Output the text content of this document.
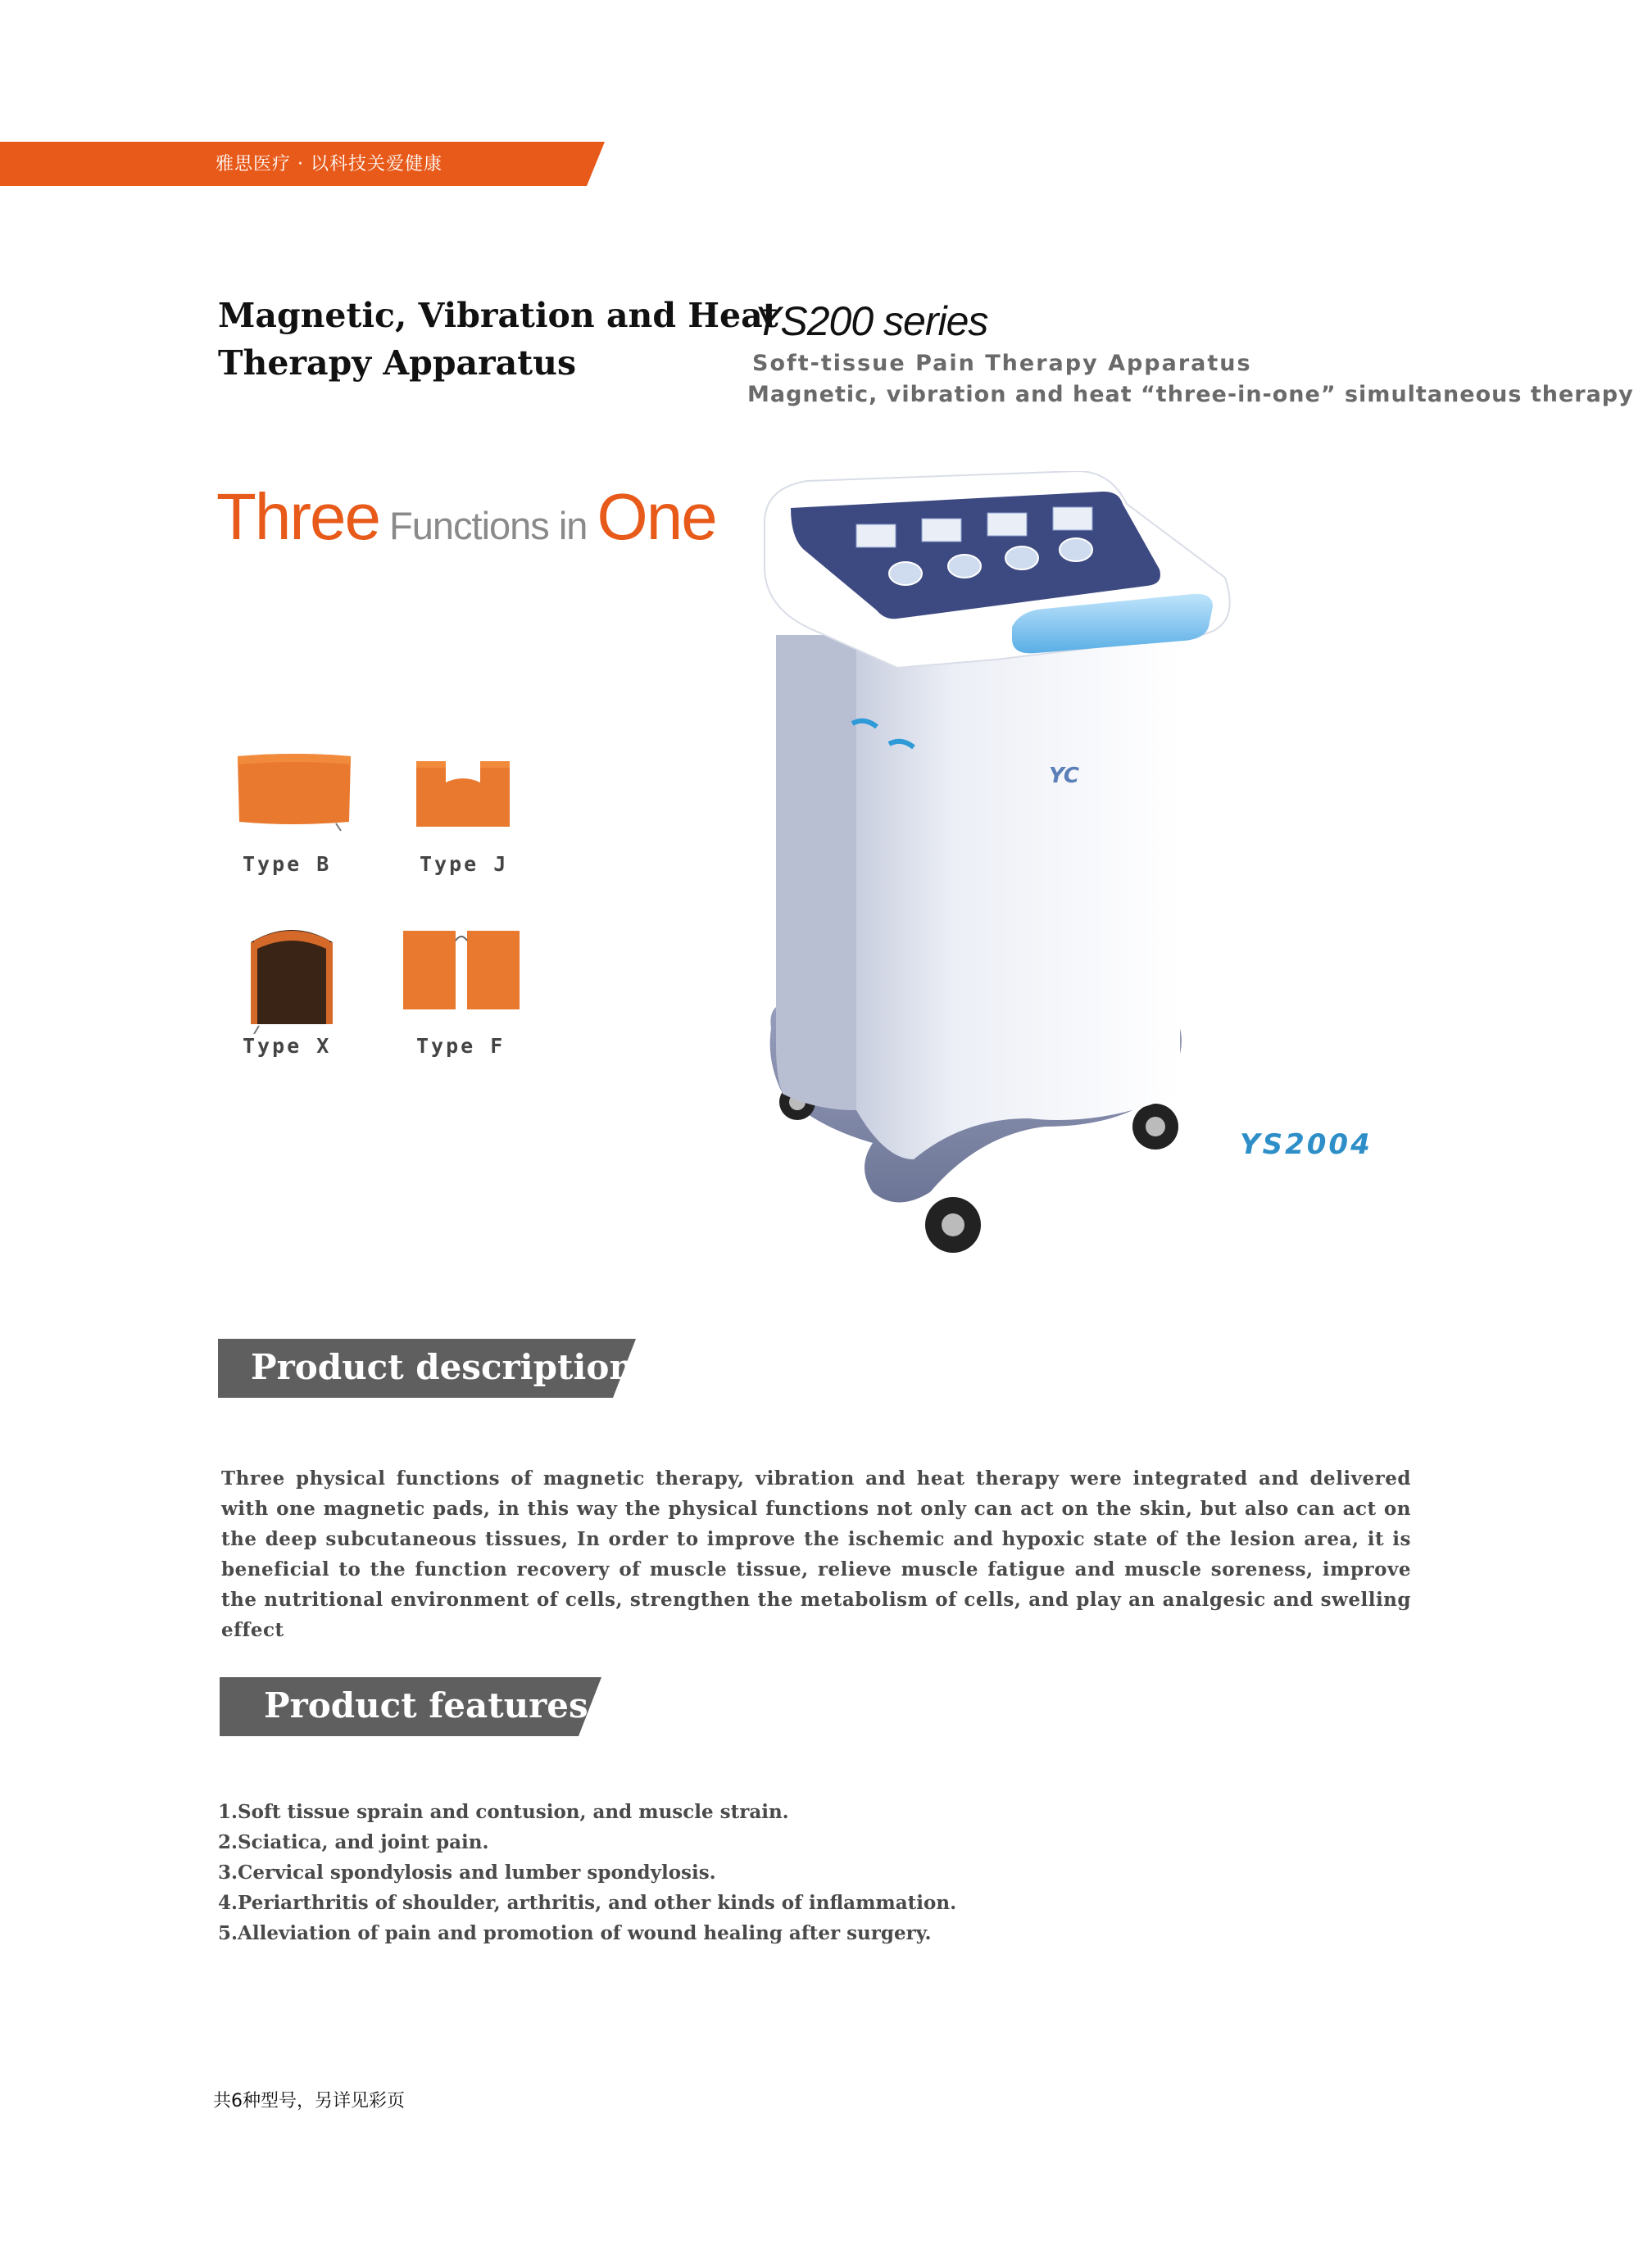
雅思医疗 · 以科技关爱健康
Magnetic, Vibration and Heat
Therapy Apparatus
YS200 series
Soft-tissue Pain Therapy Apparatus
Magnetic, vibration and heat “three-in-one” simultaneous therapy
Three Functions in One
Type B	Type J
Type X	Type F
YC
YS2004
Product description
Three physical functions of magnetic therapy, vibration and heat therapy were integrated and delivered with one magnetic pads, in this way the physical functions not only can act on the skin, but also can act on the deep subcutaneous tissues, In order to improve the ischemic and hypoxic state of the lesion area, it is beneficial to the function recovery of muscle tissue, relieve muscle fatigue and muscle soreness, improve the nutritional environment of cells, strengthen the metabolism of cells, and play an analgesic and swelling effect
Product features
1.Soft tissue sprain and contusion, and muscle strain.
2.Sciatica, and joint pain.
3.Cervical spondylosis and lumber spondylosis.
4.Periarthritis of shoulder, arthritis, and other kinds of inflammation.
5.Alleviation of pain and promotion of wound healing after surgery.
共6种型号，另详见彩页
